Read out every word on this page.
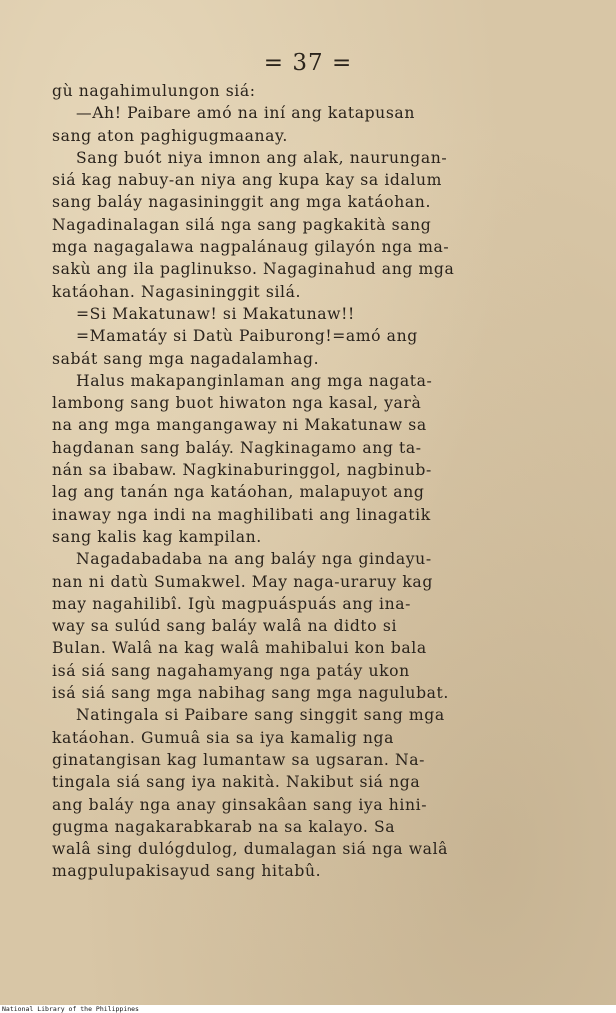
= 37 =
gù nagahimulungon siá:
—Ah! Paibare amó na iní ang katapusan
sang aton paghigugmaanay.
Sang buót niya imnon ang alak, naurungan-
siá kag nabuy-an niya ang kupa kay sa idalum
sang baláy nagasininggit ang mga katáohan.
Nagadinalagan silá nga sang pagkakità sang
mga nagagalawa nagpalánaug gilayón nga ma-
sakù ang ila paglinukso. Nagaginahud ang mga
katáohan. Nagasininggit silá.
=Si Makatunaw! si Makatunaw!!
=Mamatáy si Datù Paiburong!=amó ang
sabát sang mga nagadalamhag.
Halus makapanginlaman ang mga nagata-
lambong sang buot hiwaton nga kasal, yarà
na ang mga mangangaway ni Makatunaw sa
hagdanan sang baláy. Nagkinagamo ang ta-
nán sa ibabaw. Nagkinaburinggol, nagbinub-
lag ang tanán nga katáohan, malapuyot ang
inaway nga indi na maghilibati ang linagatik
sang kalis kag kampilan.
Nagadabadaba na ang baláy nga gindayu-
nan ni datù Sumakwel. May naga-uraruy kag
may nagahilibî. Igù magpuáspuás ang ina-
way sa sulúd sang baláy walâ na didto si
Bulan. Walâ na kag walâ mahibalui kon bala
isá siá sang nagahamyang nga patáy ukon
isá siá sang mga nabihag sang mga nagulubat.
Natingala si Paibare sang singgit sang mga
katáohan. Gumuâ sia sa iya kamalig nga
ginatangisan kag lumantaw sa ugsaran. Na-
tingala siá sang iya nakità. Nakibut siá nga
ang baláy nga anay ginsakâan sang iya hini-
gugma nagakarabkarab na sa kalayo. Sa
walâ sing dulógdulog, dumalagan siá nga walâ
magpulupakisayud sang hitabû.
National Library of the Philippines
